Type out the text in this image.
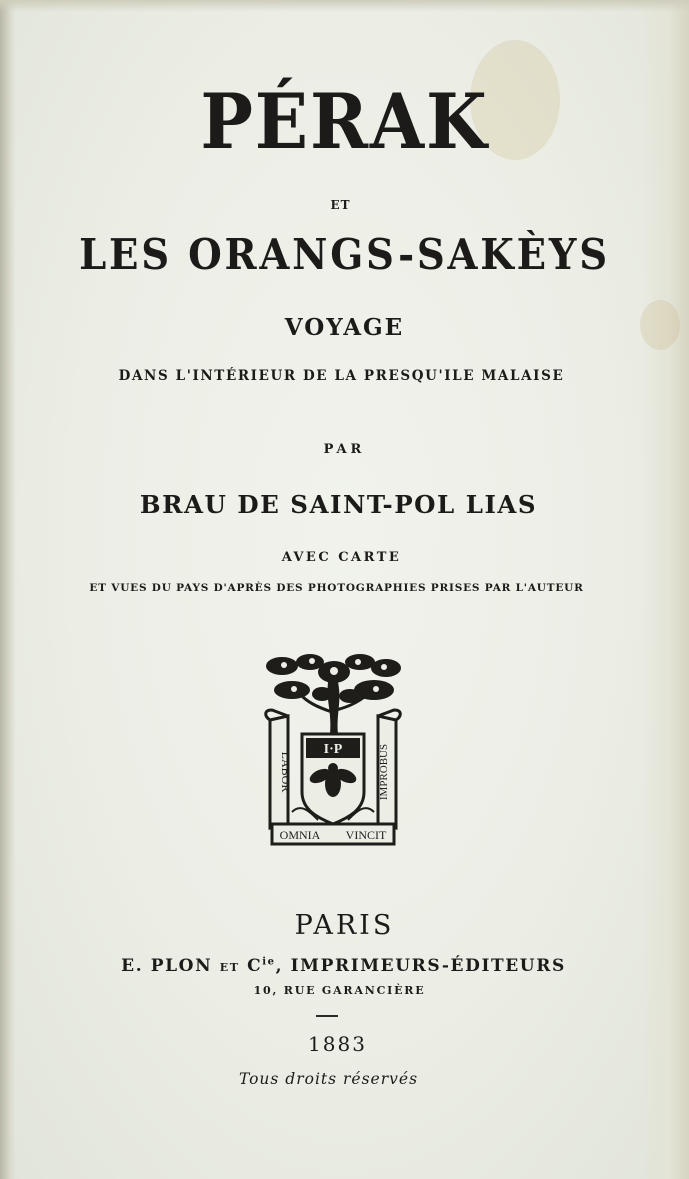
PÉRAK
ET
LES ORANGS-SAKÈYS
VOYAGE
DANS L'INTÉRIEUR DE LA PRESQU'ILE MALAISE
PAR
BRAU DE SAINT-POL LIAS
AVEC CARTE
ET VUES DU PAYS D'APRÈS DES PHOTOGRAPHIES PRISES PAR L'AUTEUR
I·P
LABOR	IMPROBUS
OMNIA VINCIT
PARIS
E. PLON ET $C^{ie}$, IMPRIMEURS-ÉDITEURS
10, RUE GARANCIÈRE
1883
Tous droits réservés
